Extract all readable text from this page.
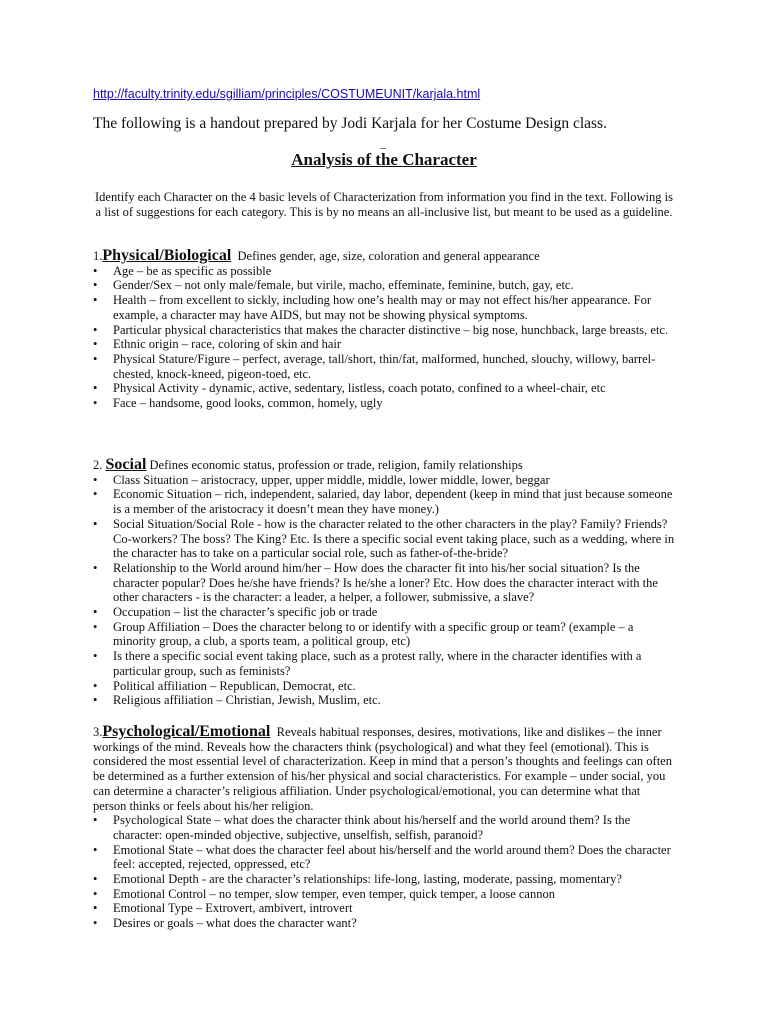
http://faculty.trinity.edu/sgilliam/principles/COSTUMEUNIT/karjala.html
The following is a handout prepared by Jodi Karjala for her Costume Design class.
–
Analysis of the Character
Identify each Character on the 4 basic levels of Characterization from information you find in the text. Following is a list of suggestions for each category. This is by no means an all-inclusive list, but meant to be used as a guideline.

1.Physical/Biological Defines gender, age, size, coloration and general appearance

• Age – be as specific as possible
• Gender/Sex – not only male/female, but virile, macho, effeminate, feminine, butch, gay, etc.
• Health – from excellent to sickly, including how one’s health may or may not effect his/her appearance. For example, a character may have AIDS, but may not be showing physical symptoms.
• Particular physical characteristics that makes the character distinctive – big nose, hunchback, large breasts, etc.
• Ethnic origin – race, coloring of skin and hair
• Physical Stature/Figure – perfect, average, tall/short, thin/fat, malformed, hunched, slouchy, willowy, barrel-chested, knock-kneed, pigeon-toed, etc.
• Physical Activity - dynamic, active, sedentary, listless, coach potato, confined to a wheel-chair, etc
• Face – handsome, good looks, common, homely, ugly

2. Social Defines economic status, profession or trade, religion, family relationships

• Class Situation – aristocracy, upper, upper middle, middle, lower middle, lower, beggar
• Economic Situation – rich, independent, salaried, day labor, dependent (keep in mind that just because someone is a member of the aristocracy it doesn’t mean they have money.)
• Social Situation/Social Role - how is the character related to the other characters in the play? Family? Friends? Co-workers? The boss? The King? Etc. Is there a specific social event taking place, such as a wedding, where in the character has to take on a particular social role, such as father-of-the-bride?
• Relationship to the World around him/her – How does the character fit into his/her social situation? Is the character popular? Does he/she have friends? Is he/she a loner? Etc. How does the character interact with the other characters - is the character: a leader, a helper, a follower, submissive, a slave?
• Occupation – list the character’s specific job or trade
• Group Affiliation – Does the character belong to or identify with a specific group or team? (example – a minority group, a club, a sports team, a political group, etc)
• Is there a specific social event taking place, such as a protest rally, where in the character identifies with a particular group, such as feminists?
• Political affiliation – Republican, Democrat, etc.
• Religious affiliation – Christian, Jewish, Muslim, etc.

3.Psychological/Emotional Reveals habitual responses, desires, motivations, like and dislikes – the inner workings of the mind. Reveals how the characters think (psychological) and what they feel (emotional). This is considered the most essential level of characterization. Keep in mind that a person’s thoughts and feelings can often be determined as a further extension of his/her physical and social characteristics. For example – under social, you can determine a character’s religious affiliation. Under psychological/emotional, you can determine what that person thinks or feels about his/her religion.

• Psychological State – what does the character think about his/herself and the world around them? Is the character: open-minded objective, subjective, unselfish, selfish, paranoid?
• Emotional State – what does the character feel about his/herself and the world around them? Does the character feel: accepted, rejected, oppressed, etc?
• Emotional Depth - are the character’s relationships: life-long, lasting, moderate, passing, momentary?
• Emotional Control – no temper, slow temper, even temper, quick temper, a loose cannon
• Emotional Type – Extrovert, ambivert, introvert
• Desires or goals – what does the character want?
